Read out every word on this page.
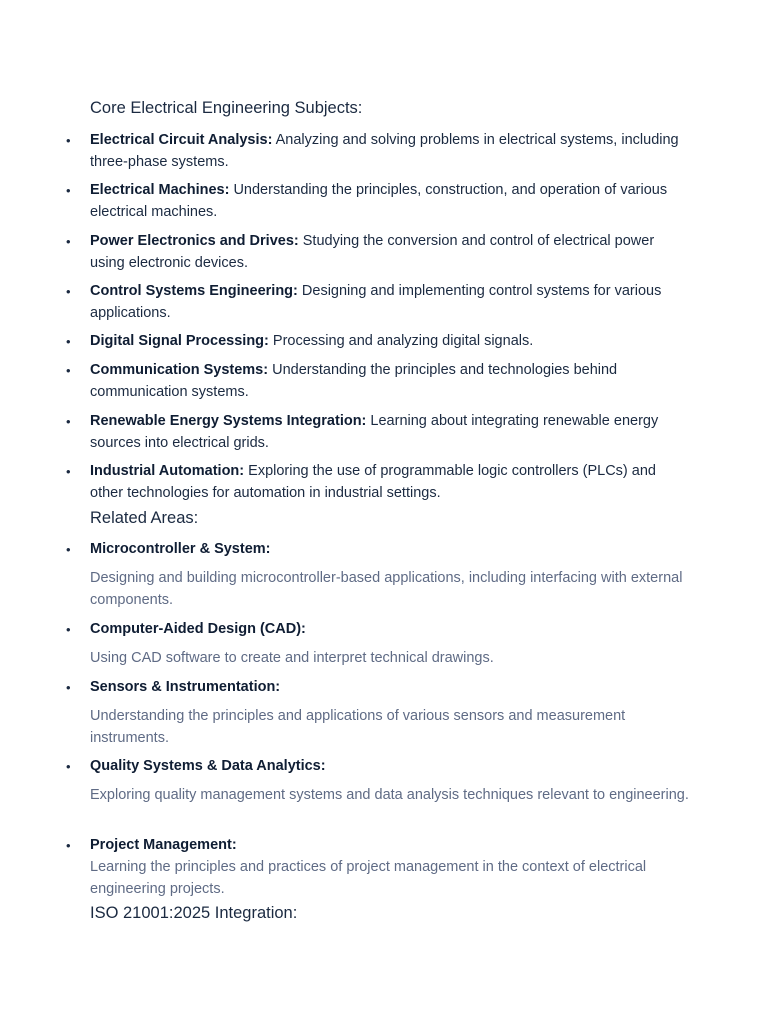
Core Electrical Engineering Subjects:
• Electrical Circuit Analysis: Analyzing and solving problems in electrical systems, including three-phase systems.
• Electrical Machines: Understanding the principles, construction, and operation of various electrical machines.
• Power Electronics and Drives: Studying the conversion and control of electrical power using electronic devices.
• Control Systems Engineering: Designing and implementing control systems for various applications.
• Digital Signal Processing: Processing and analyzing digital signals.
• Communication Systems: Understanding the principles and technologies behind communication systems.
• Renewable Energy Systems Integration: Learning about integrating renewable energy sources into electrical grids.
• Industrial Automation: Exploring the use of programmable logic controllers (PLCs) and other technologies for automation in industrial settings.
Related Areas:
• Microcontroller & System:
Designing and building microcontroller-based applications, including interfacing with external components.
• Computer-Aided Design (CAD):
Using CAD software to create and interpret technical drawings.
• Sensors & Instrumentation:
Understanding the principles and applications of various sensors and measurement instruments.
• Quality Systems & Data Analytics:
Exploring quality management systems and data analysis techniques relevant to engineering.
• Project Management:
Learning the principles and practices of project management in the context of electrical engineering projects.
ISO 21001:2025 Integration:
